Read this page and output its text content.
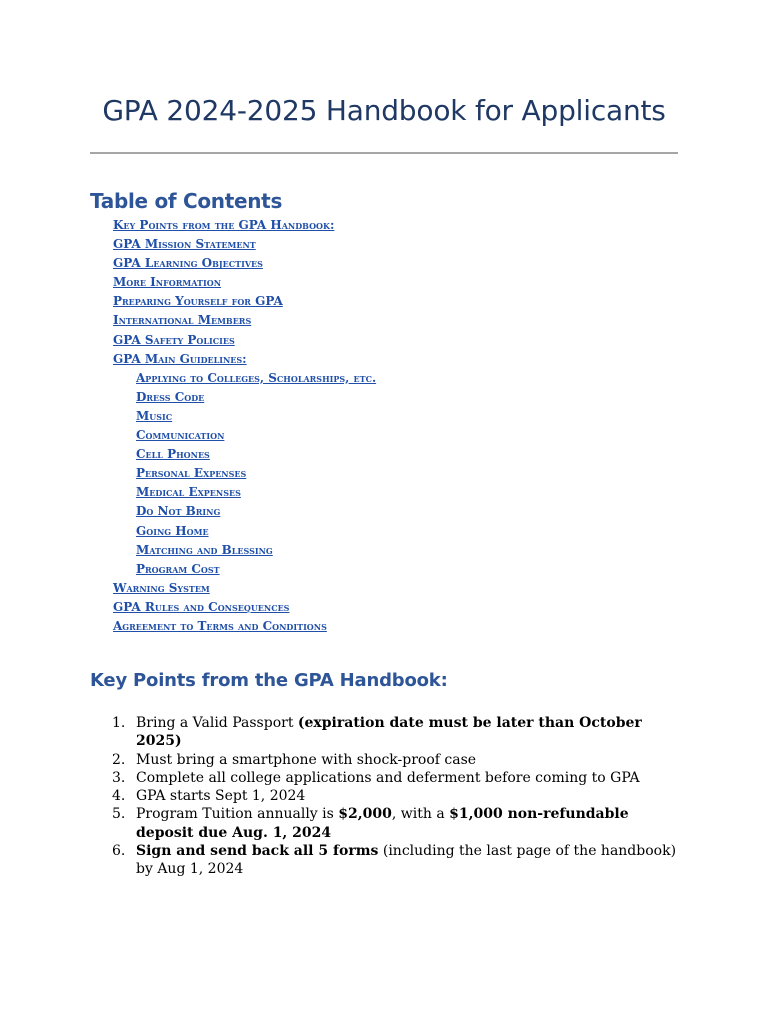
GPA 2024-2025 Handbook for Applicants
Table of Contents
Key Points from the GPA Handbook:
GPA Mission Statement
GPA Learning Objectives
More Information
Preparing Yourself for GPA
International Members
GPA Safety Policies
GPA Main Guidelines:
Applying to Colleges, Scholarships, etc.
Dress Code
Music
Communication
Cell Phones
Personal Expenses
Medical Expenses
Do Not Bring
Going Home
Matching and Blessing
Program Cost
Warning System
GPA Rules and Consequences
Agreement to Terms and Conditions
Key Points from the GPA Handbook:
1. Bring a Valid Passport (expiration date must be later than October 2025)
2. Must bring a smartphone with shock-proof case
3. Complete all college applications and deferment before coming to GPA
4. GPA starts Sept 1, 2024
5. Program Tuition annually is $2,000, with a $1,000 non-refundable deposit due Aug. 1, 2024
6. Sign and send back all 5 forms (including the last page of the handbook) by Aug 1, 2024
